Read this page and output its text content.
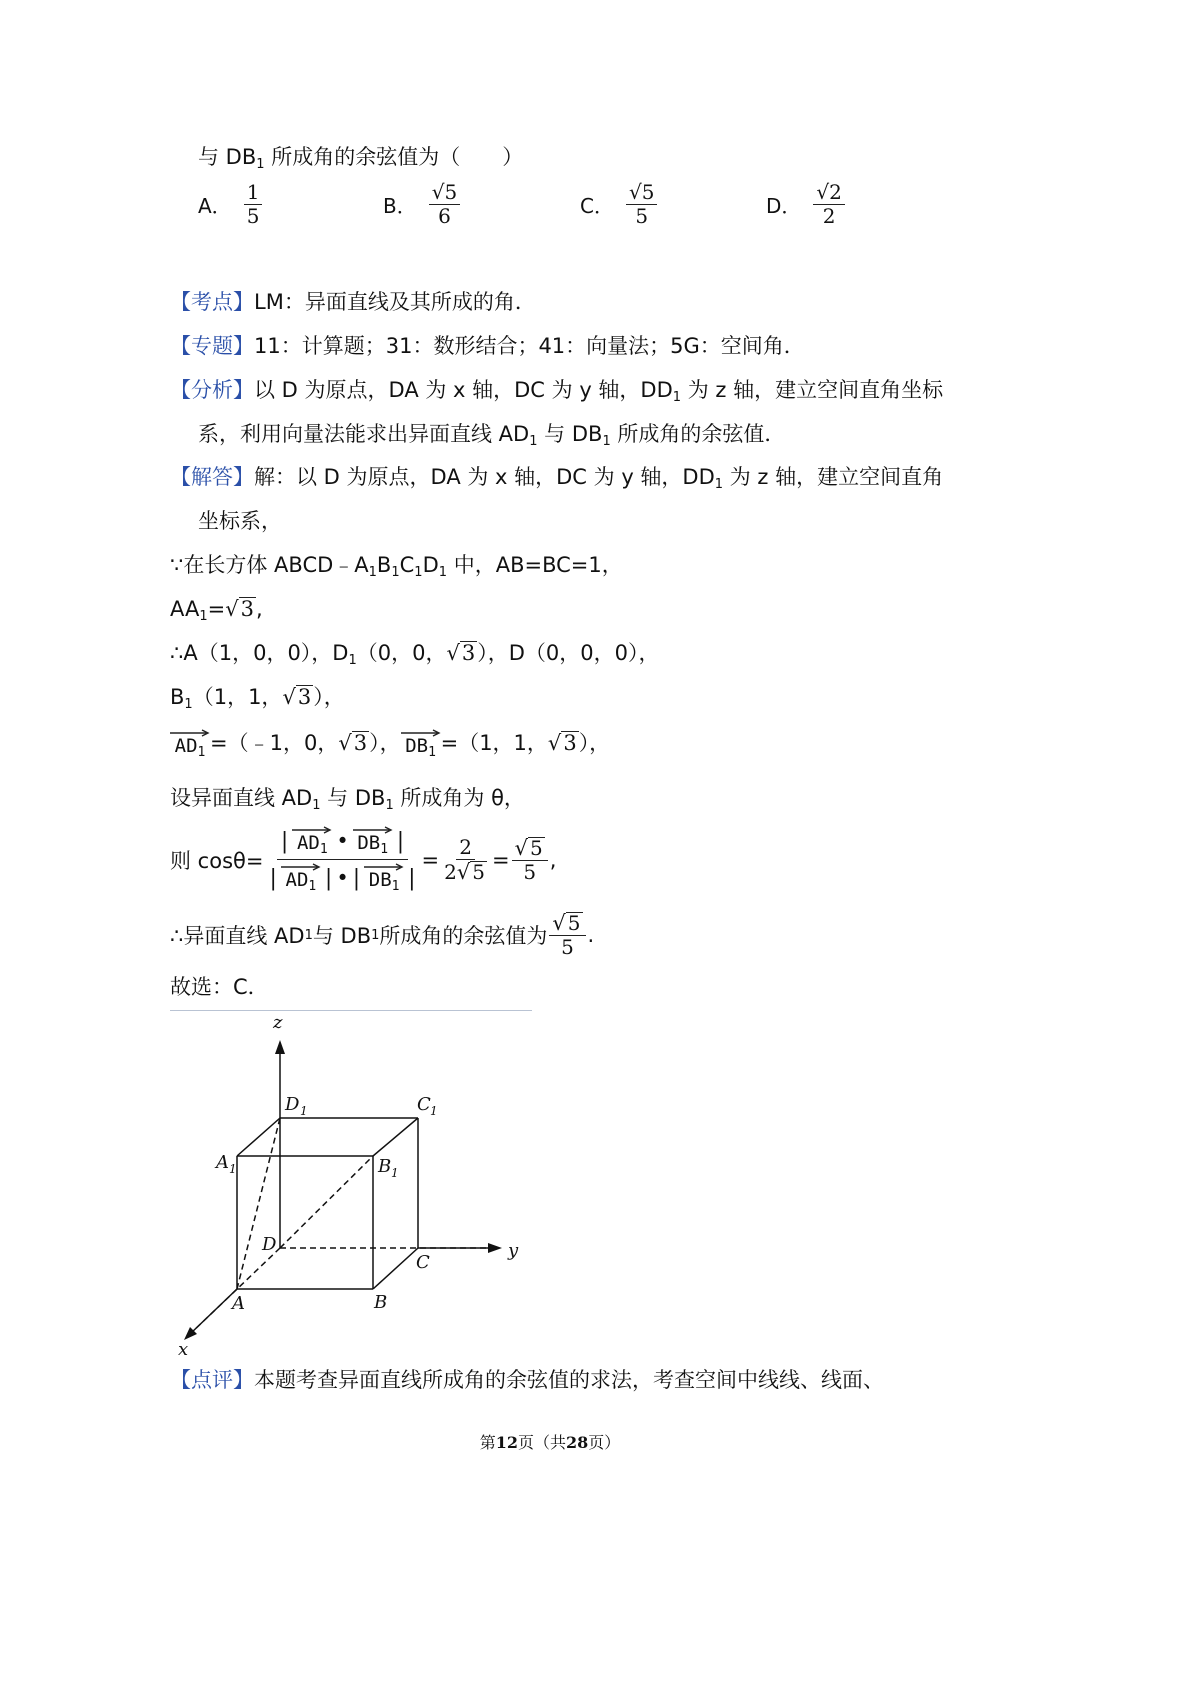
与 $DB_1$ 所成角的余弦值为（　　）
A． $\frac{1}{5}$	B． $\frac{√5}{6}$	C． $\frac{√5}{5}$	D． $\frac{√2}{2}$
【考点】LM：异面直线及其所成的角．
【专题】11：计算题；31：数形结合；41：向量法；5G：空间角．
【分析】以 D 为原点，DA 为 x 轴，DC 为 y 轴，$DD_1$ 为 z 轴，建立空间直角坐标
系，利用向量法能求出异面直线 $AD_1$ 与 $DB_1$ 所成角的余弦值．
【解答】解：以 D 为原点，DA 为 x 轴，DC 为 y 轴，$DD_1$ 为 z 轴，建立空间直角
坐标系，
∵在长方体 $ABCD﹣A_1B_1C_1D_1$ 中，AB=BC=1，
$AA_1=$ √ 3 ,
∴A（1，0，0），$D_1(0$，0， √ 3 ），D（0，0，0），
$B_1(1$，1， √ 3 ），
$AD_1$ =（﹣1，0， √ 3 ）， $DB_1 =(1$，1， √ 3 ），
设异面直线 $AD_1$ 与 $DB_1$ 所成角为 θ，
则 $\cos\theta= \frac{| AD_1 • DB_1 |}{| AD_1 | • | DB_1 |} = \frac{2}{2 √ 5} = \frac{√ 5}{5}$ ,
∴异面直线 AD 1 与 DB 1 所成角的余弦值为 $\frac{√ 5}{5}$ .
故选：C．
z
y
x
D 1	C 1
A 1	B 1
D
C
A	B
【点评】本题考查异面直线所成角的余弦值的求法，考查空间中线线、线面、
第12页（共28页）
